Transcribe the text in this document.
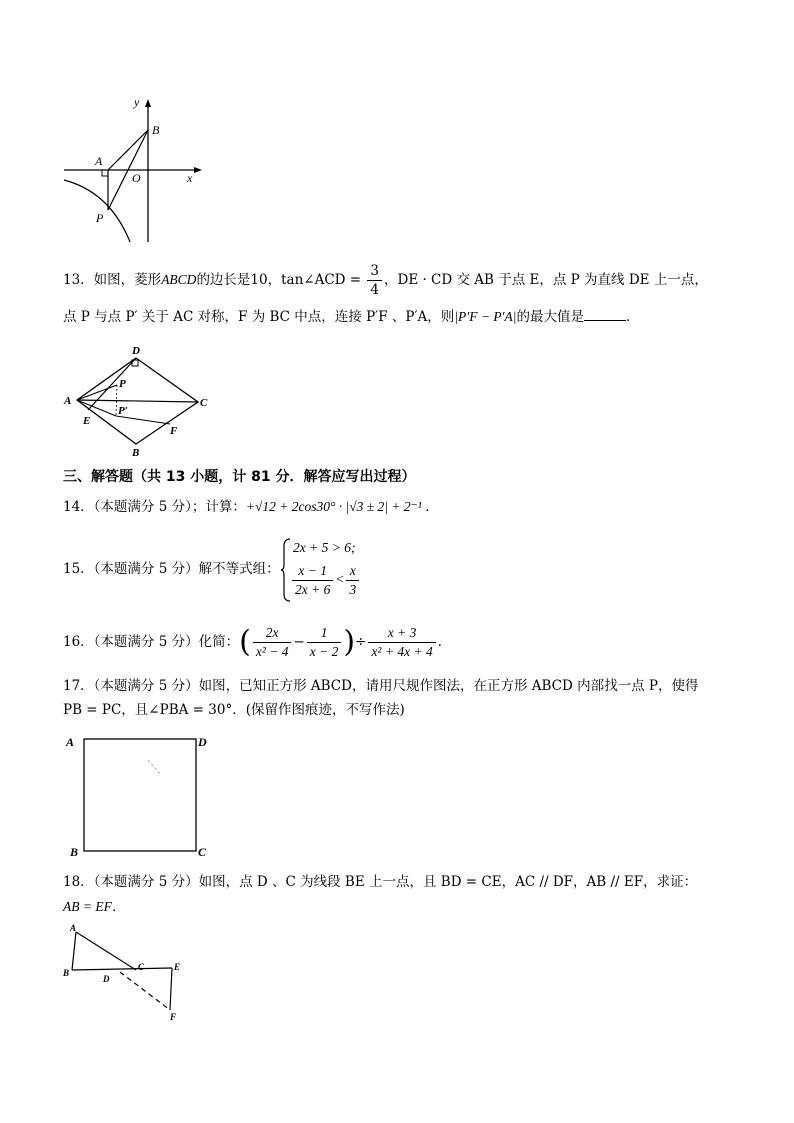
y
x
B
A
O
P
13．如图，菱形ABCD的边长是10，tan∠ACD = $\frac{3}{4}$ ，DE · CD 交 AB 于点 E，点 P 为直线 DE 上一点，
点 P 与点 P′ 关于 AC 对称，F 为 BC 中点，连接 P′F 、P′A，则|P′F − P′A|的最大值是	．
D
A	C
P
P′
E
F
B
三、解答题（共 13 小题，计 81 分．解答应写出过程）
14．（本题满分 5 分）；计算：+√12 + 2cos30° · |√3 ± 2| + 2⁻¹ ．
15．（本题满分 5 分）解不等式组：
2x + 5 > 6;
$\frac{x - 1}{2x + 6} < \frac{x}{3}$
16．（本题满分 5 分）化简：( $\frac{2x}{\text{x² − 4}} - \frac{1}{x - 2}$ )÷ $\frac{x + 3}{\text{x² + 4x + 4}}$ ．
17．（本题满分 5 分）如图，已知正方形 ABCD，请用尺规作图法，在正方形 ABCD 内部找一点 P，使得
PB = PC，且∠PBA = 30°．(保留作图痕迹，不写作法)
A	D
B	C
18．（本题满分 5 分）如图，点 D 、C 为线段 BE 上一点，且 BD = CE，AC // DF，AB // EF，求证：
AB = EF．
A
B
C
D
E
F
